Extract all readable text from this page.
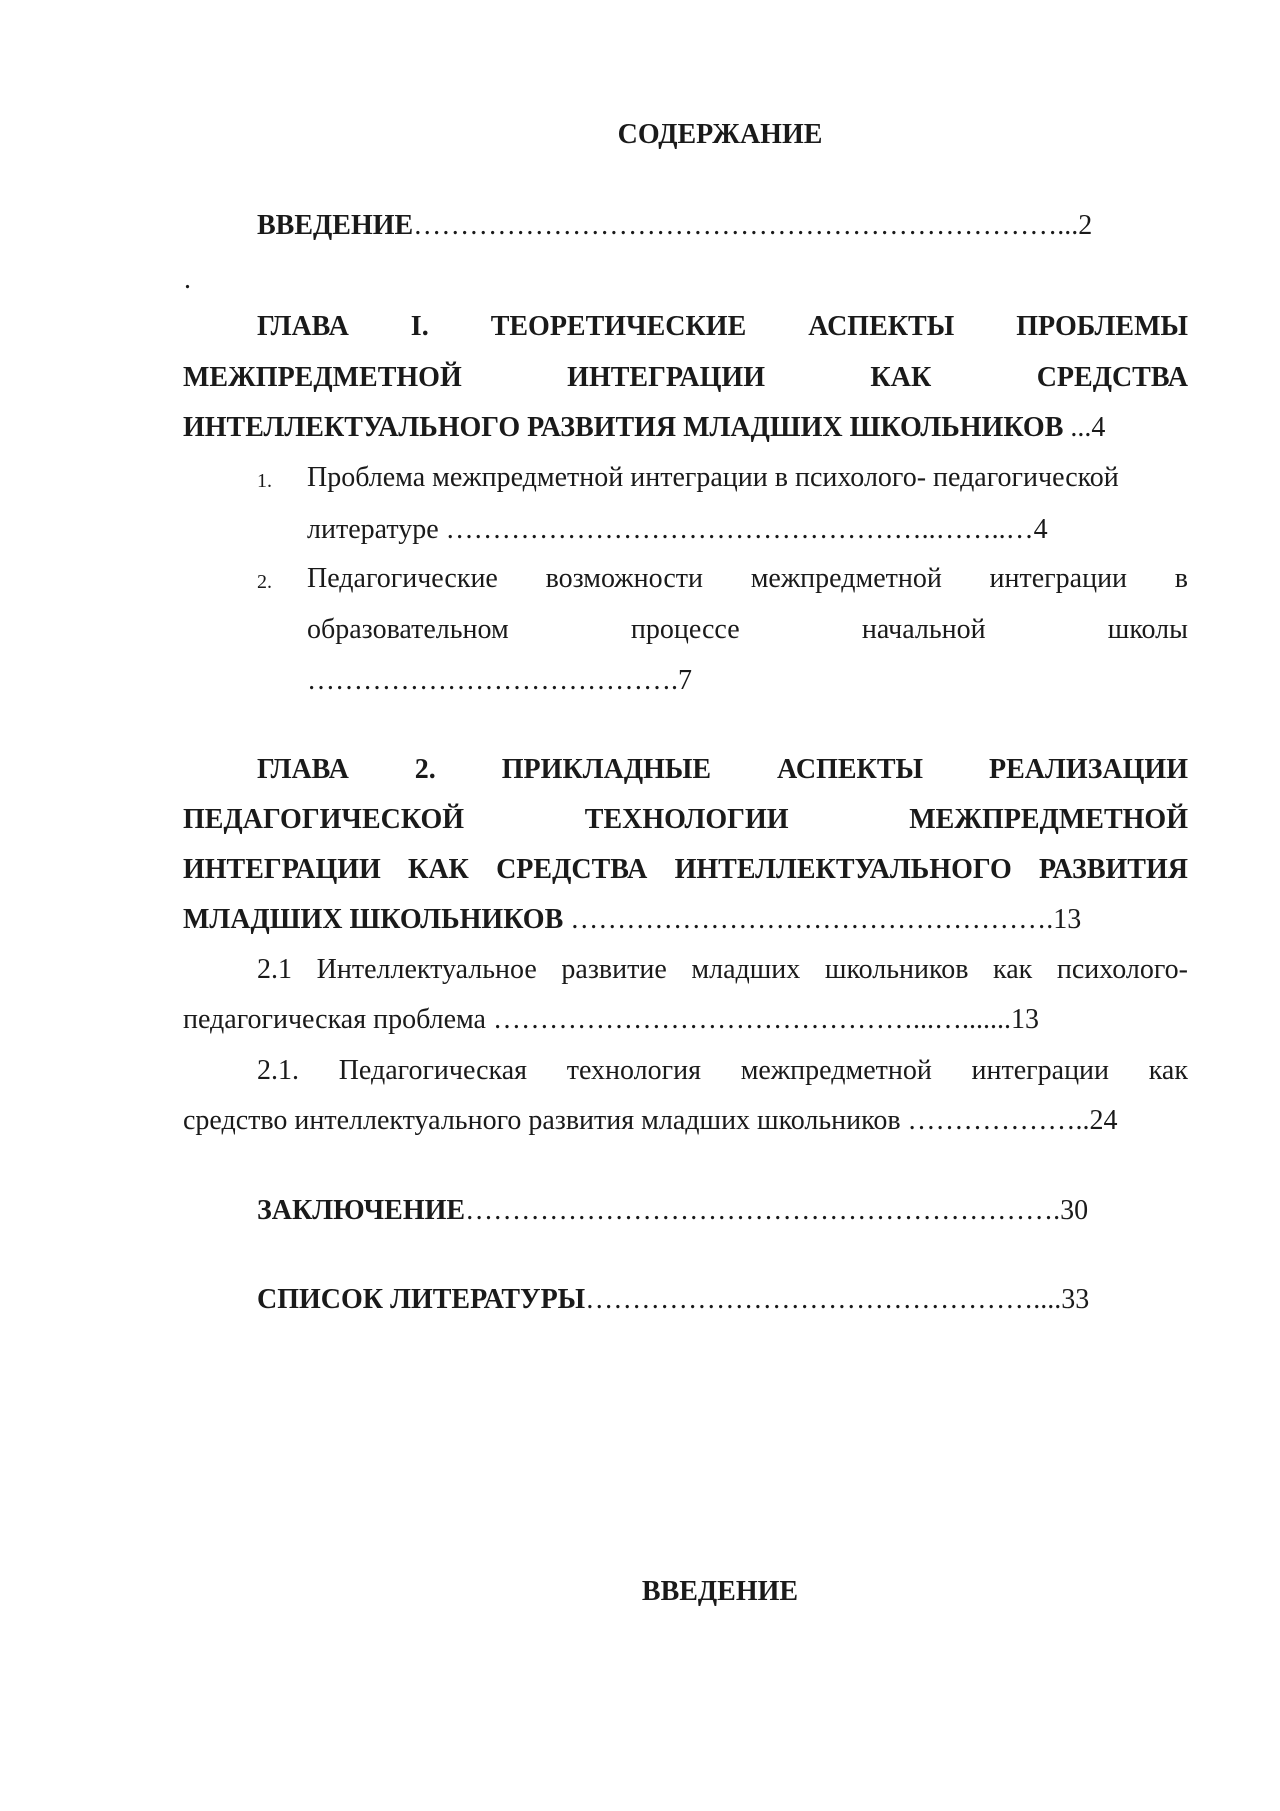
СОДЕРЖАНИЕ
ВВЕДЕНИЕ……………………………………………………………...2
.
ГЛАВА I. ТЕОРЕТИЧЕСКИЕ АСПЕКТЫ ПРОБЛЕМЫ
МЕЖПРЕДМЕТНОЙ	ИНТЕГРАЦИИ	КАК	СРЕДСТВА
ИНТЕЛЛЕКТУАЛЬНОГО РАЗВИТИЯ МЛАДШИХ ШКОЛЬНИКОВ ...4
1. Проблема межпредметной интеграции в психолого- педагогической
литературе ……………………………………………..……..…4
2. Педагогические возможности межпредметной интеграции в
образовательном	процессе	начальной	школы
………………………………….7
ГЛАВА 2. ПРИКЛАДНЫЕ АСПЕКТЫ РЕАЛИЗАЦИИ
ПЕДАГОГИЧЕСКОЙ	ТЕХНОЛОГИИ	МЕЖПРЕДМЕТНОЙ
ИНТЕГРАЦИИ КАК СРЕДСТВА ИНТЕЛЛЕКТУАЛЬНОГО РАЗВИТИЯ
МЛАДШИХ ШКОЛЬНИКОВ …………………………………………….13
2.1 Интеллектуальное развитие младших школьников как психолого-
педагогическая проблема ………………………………………...….......13
2.1. Педагогическая технология межпредметной интеграции как
средство интеллектуального развития младших школьников ………………..24
ЗАКЛЮЧЕНИЕ……………………………………………………….30
СПИСОК ЛИТЕРАТУРЫ…………………………………………....33
ВВЕДЕНИЕ
